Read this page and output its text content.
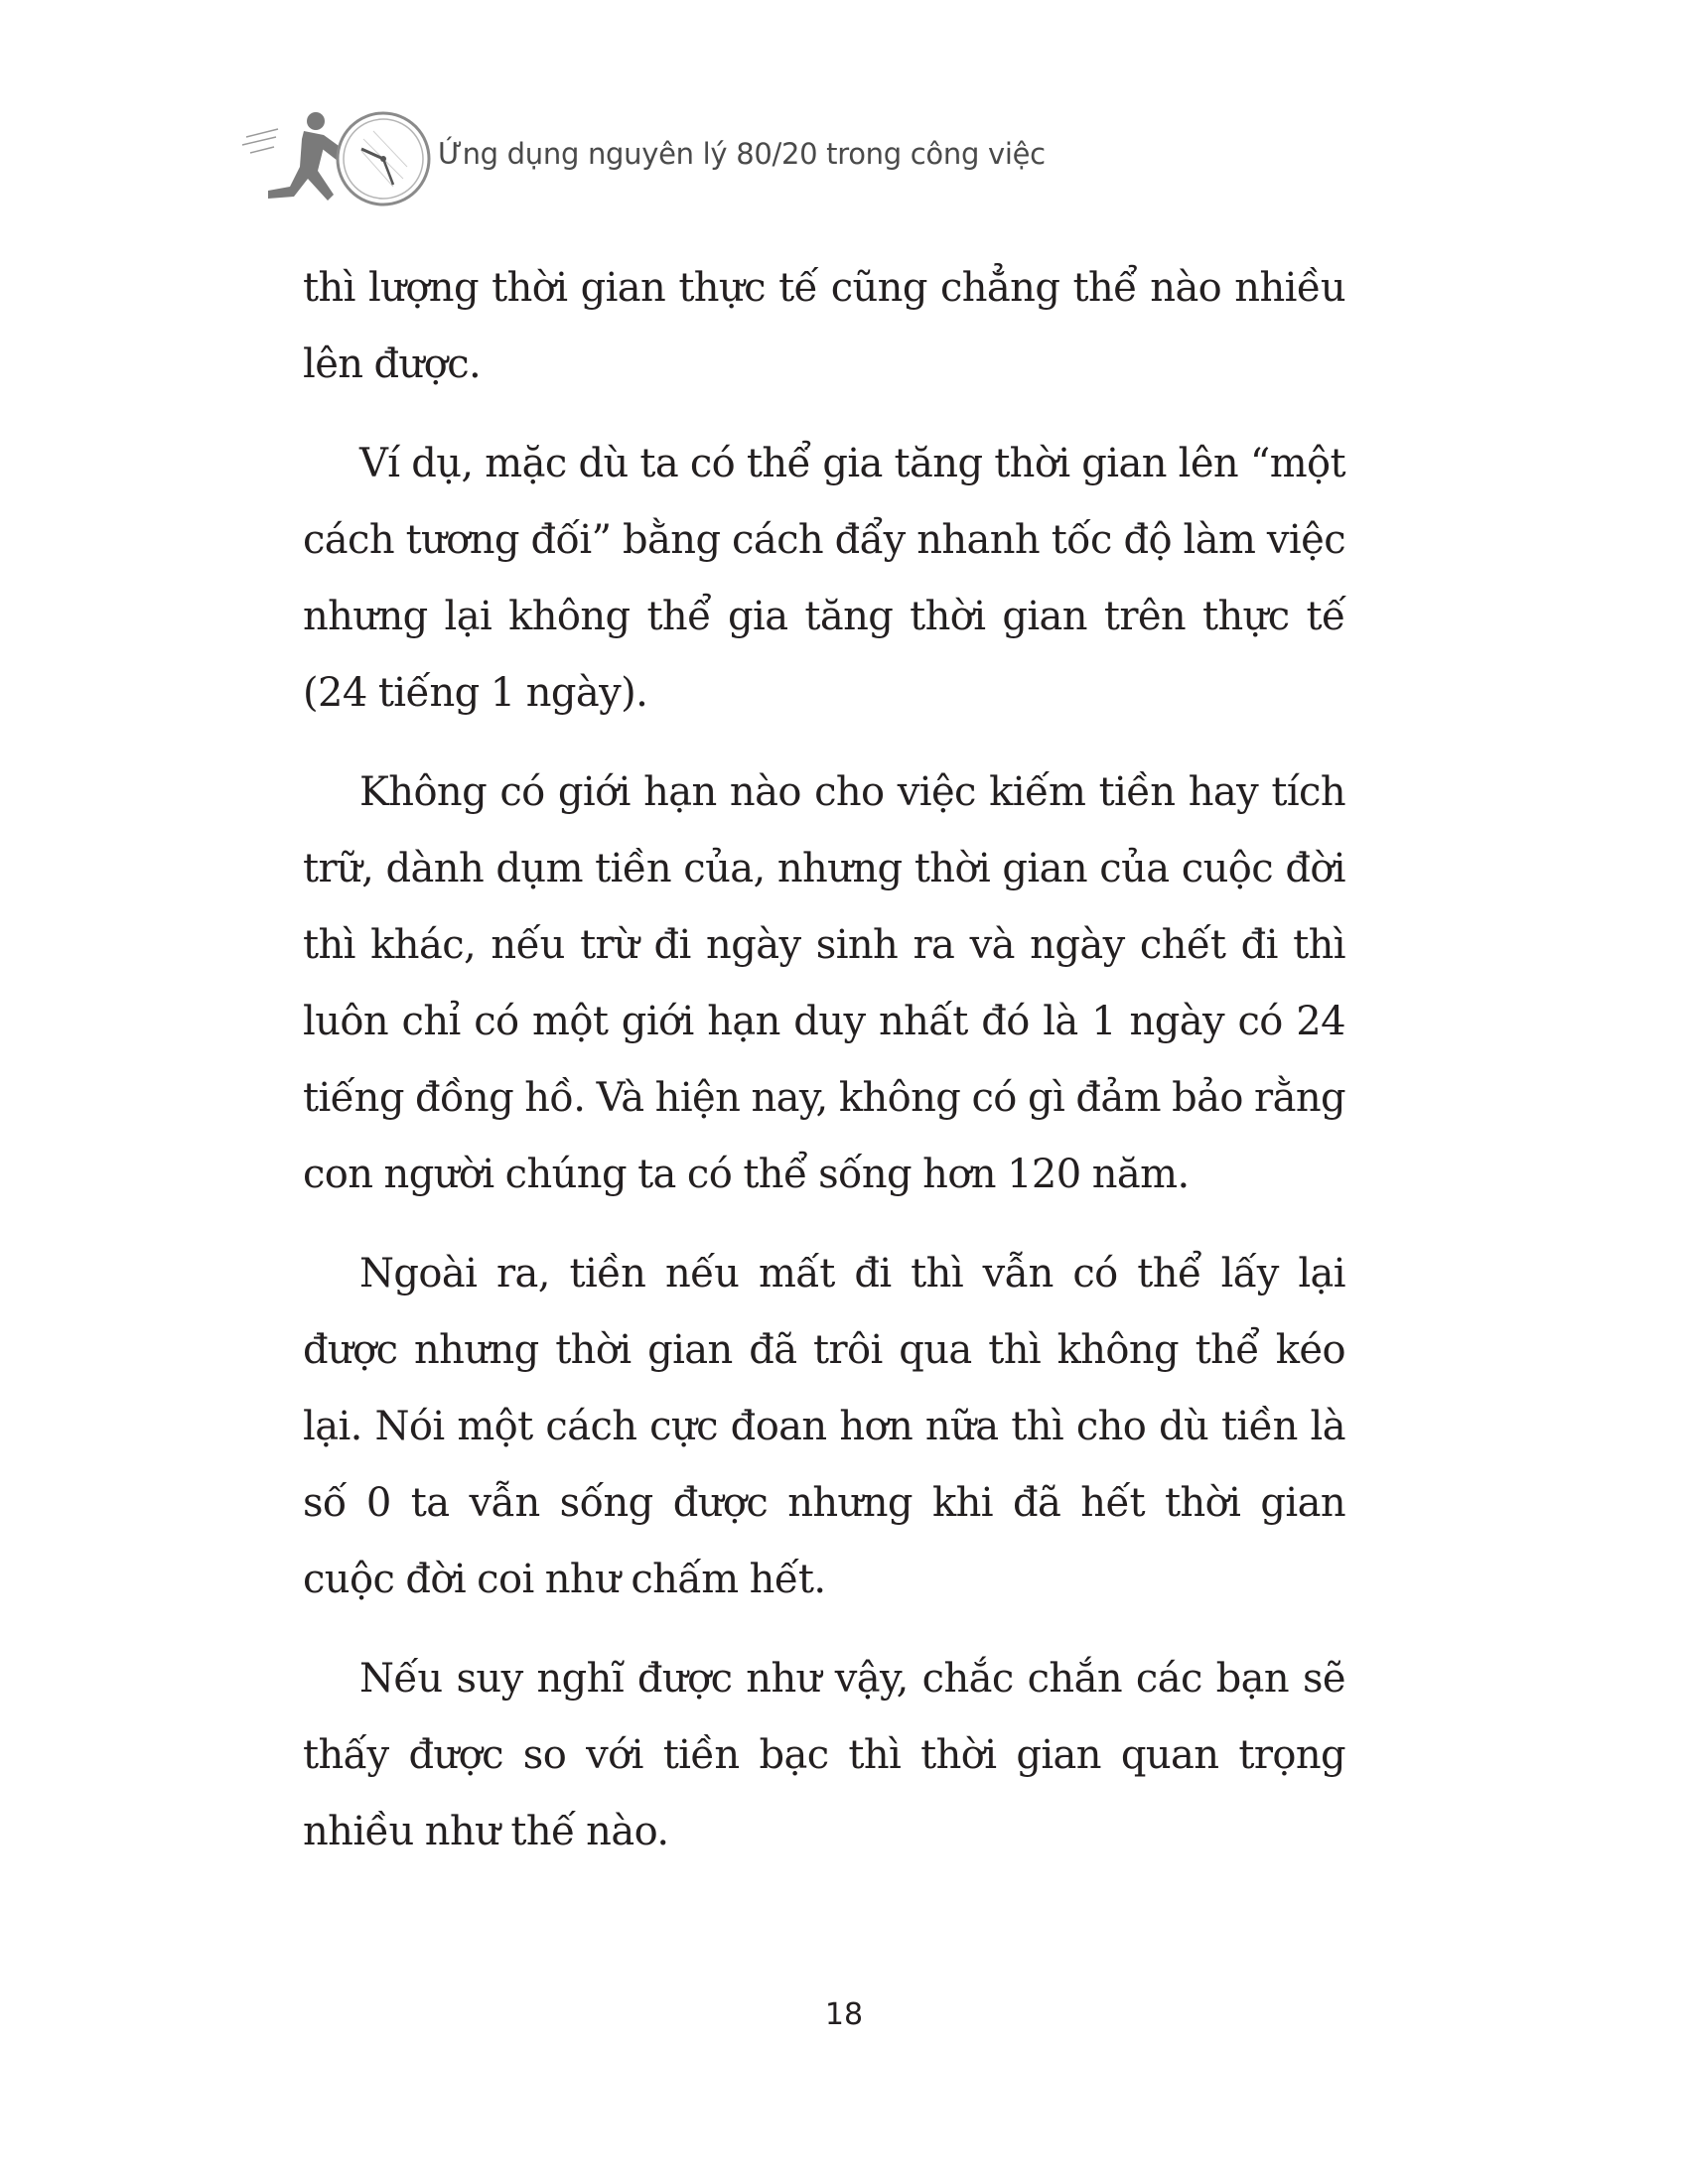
Ứng dụng nguyên lý 80/20 trong công việc

thì lượng thời gian thực tế cũng chẳng thể nào nhiều lên được.

Ví dụ, mặc dù ta có thể gia tăng thời gian lên “một cách tương đối” bằng cách đẩy nhanh tốc độ làm việc nhưng lại không thể gia tăng thời gian trên thực tế (24 tiếng 1 ngày).

Không có giới hạn nào cho việc kiếm tiền hay tích trữ, dành dụm tiền của, nhưng thời gian của cuộc đời thì khác, nếu trừ đi ngày sinh ra và ngày chết đi thì luôn chỉ có một giới hạn duy nhất đó là 1 ngày có 24 tiếng đồng hồ. Và hiện nay, không có gì đảm bảo rằng con người chúng ta có thể sống hơn 120 năm.

Ngoài ra, tiền nếu mất đi thì vẫn có thể lấy lại được nhưng thời gian đã trôi qua thì không thể kéo lại. Nói một cách cực đoan hơn nữa thì cho dù tiền là số 0 ta vẫn sống được nhưng khi đã hết thời gian cuộc đời coi như chấm hết.

Nếu suy nghĩ được như vậy, chắc chắn các bạn sẽ thấy được so với tiền bạc thì thời gian quan trọng nhiều như thế nào.

18
